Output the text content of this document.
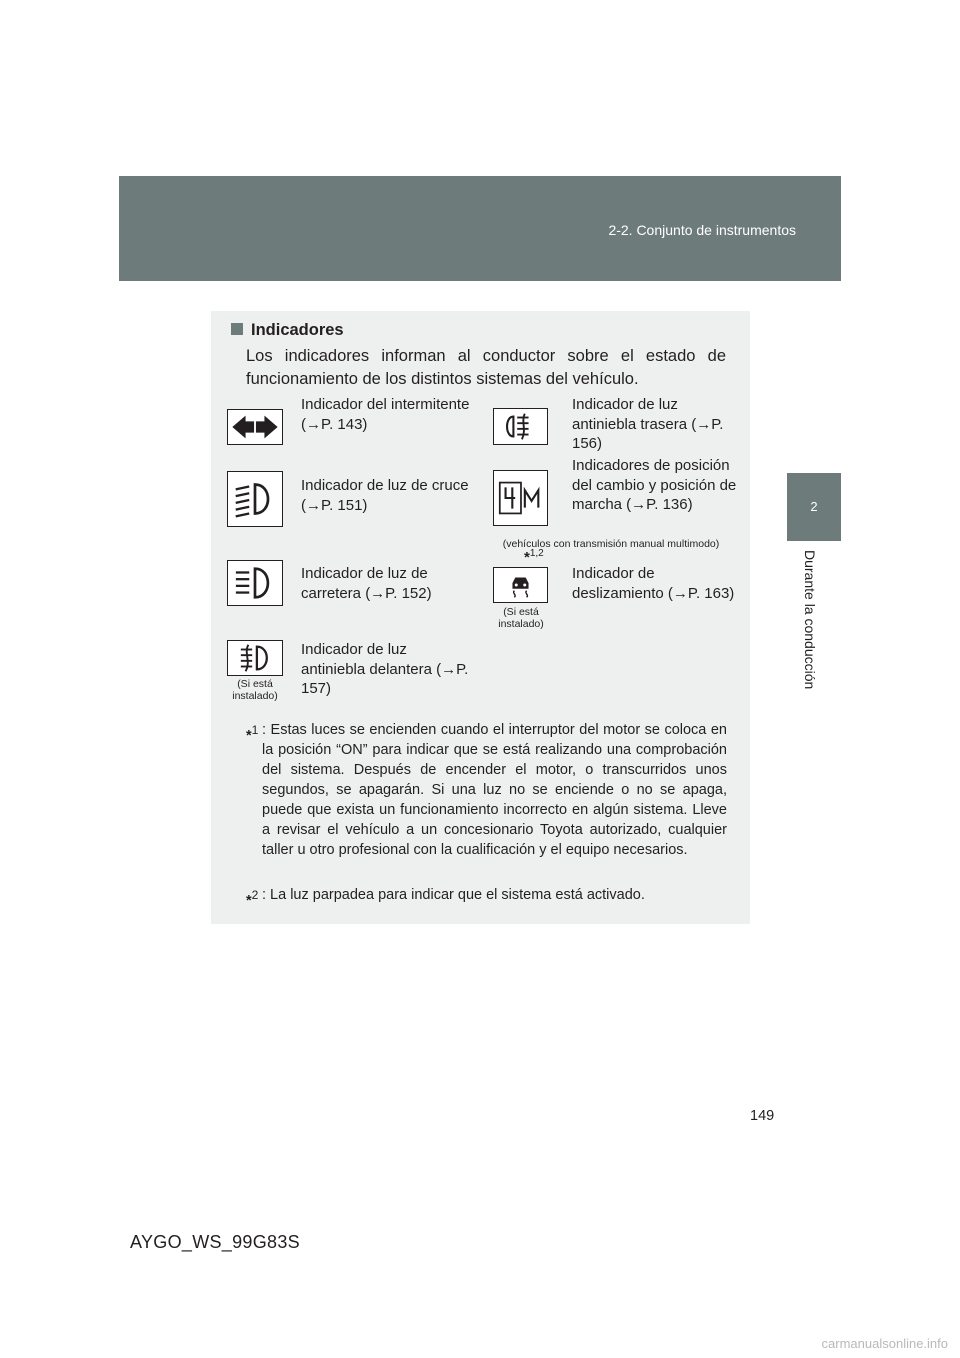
2-2. Conjunto de instrumentos
2
Durante la conducción
Indicadores
Los indicadores informan al conductor sobre el estado de funcionamiento de los distintos sistemas del vehículo.
Indicador del intermitente (→P. 143)
Indicador de luz antiniebla trasera (→P. 156)
Indicador de luz de cruce (→P. 151)
Indicadores de posición del cambio y posición de marcha (→P. 136)
(vehículos con transmisión manual multimodo)
Indicador de luz de carretera (→P. 152)
*$^{1,2}$
(Si está instalado)
Indicador de deslizamiento (→P. 163)
(Si está instalado)
Indicador de luz antiniebla delantera (→P. 157)
*$^1$ : Estas luces se encienden cuando el interruptor del motor se coloca en la posición “ON” para indicar que se está realizando una comprobación del sistema. Después de encender el motor, o transcurridos unos segundos, se apagarán. Si una luz no se enciende o no se apaga, puede que exista un funcionamiento incorrecto en algún sistema. Lleve a revisar el vehículo a un concesionario Toyota autorizado, cualquier taller u otro profesional con la cualificación y el equipo necesarios.
*$^2$ : La luz parpadea para indicar que el sistema está activado.
149
AYGO_WS_99G83S
carmanualsonline.info
